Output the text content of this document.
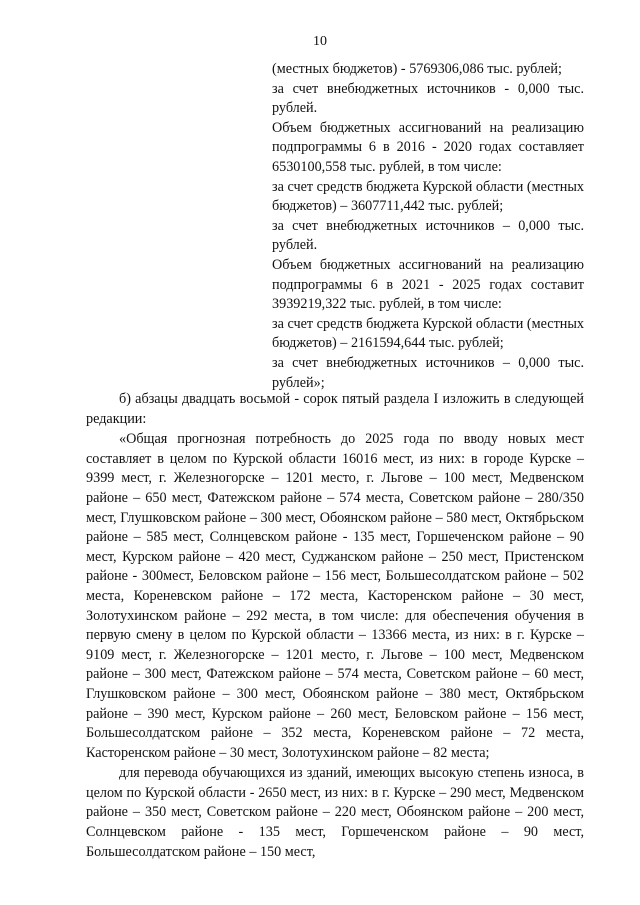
10

(местных бюджетов) - 5769306,086 тыс. рублей;

за счет внебюджетных источников - 0,000 тыс. рублей.

Объем бюджетных ассигнований на реализацию подпрограммы 6 в 2016 - 2020 годах составляет 6530100,558 тыс. рублей, в том числе:

за счет средств бюджета Курской области (местных бюджетов) – 3607711,442 тыс. рублей;

за счет внебюджетных источников – 0,000 тыс. рублей.

Объем бюджетных ассигнований на реализацию подпрограммы 6 в 2021 - 2025 годах составит 3939219,322 тыс. рублей, в том числе:

за счет средств бюджета Курской области (местных бюджетов) – 2161594,644 тыс. рублей;

за счет внебюджетных источников – 0,000 тыс. рублей»;

б) абзацы двадцать восьмой - сорок пятый раздела I изложить в следующей редакции:

«Общая прогнозная потребность до 2025 года по вводу новых мест составляет в целом по Курской области 16016 мест, из них: в городе Курске – 9399 мест, г. Железногорске – 1201 место, г. Льгове – 100 мест, Медвенском районе – 650 мест, Фатежском районе – 574 места, Советском районе – 280/350 мест, Глушковском районе – 300 мест, Обоянском районе – 580 мест, Октябрьском районе – 585 мест, Солнцевском районе - 135 мест, Горшеченском районе – 90 мест, Курском районе – 420 мест, Суджанском районе – 250 мест, Пристенском районе - 300мест, Беловском районе – 156 мест, Большесолдатском районе – 502 места, Кореневском районе – 172 места, Касторенском районе – 30 мест, Золотухинском районе – 292 места, в том числе: для обеспечения обучения в первую смену в целом по Курской области – 13366 места, из них: в г. Курске – 9109 мест, г. Железногорске – 1201 место, г. Льгове – 100 мест, Медвенском районе – 300 мест, Фатежском районе – 574 места, Советском районе – 60 мест, Глушковском районе – 300 мест, Обоянском районе – 380 мест, Октябрьском районе – 390 мест, Курском районе – 260 мест, Беловском районе – 156 мест, Большесолдатском районе – 352 места, Кореневском районе – 72 места, Касторенском районе – 30 мест, Золотухинском районе – 82 места;

для перевода обучающихся из зданий, имеющих высокую степень износа, в целом по Курской области - 2650 мест, из них: в г. Курске – 290 мест, Медвенском районе – 350 мест, Советском районе – 220 мест, Обоянском районе – 200 мест, Солнцевском районе - 135 мест, Горшеченском районе – 90 мест, Большесолдатском районе – 150 мест,
